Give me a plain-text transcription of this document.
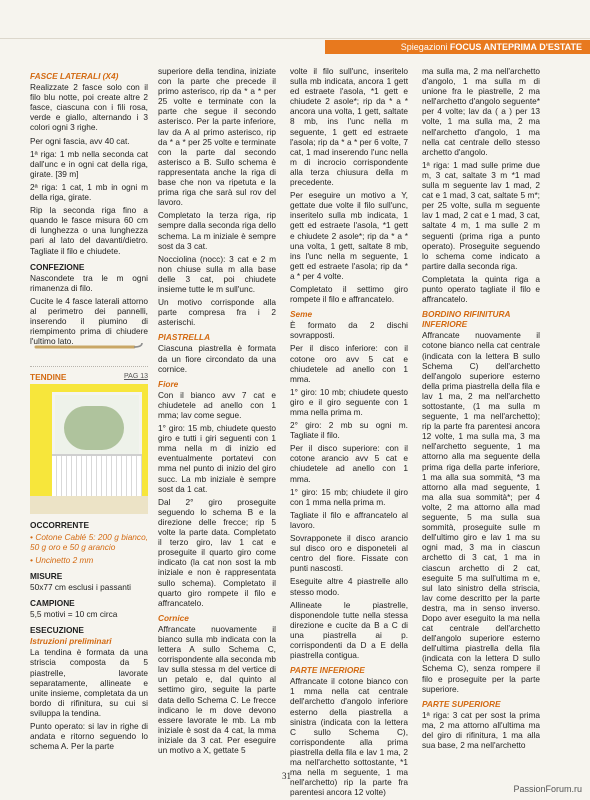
Spiegazioni FOCUS ANTEPRIMA D'ESTATE
FASCE LATERALI (X4)

Realizzate 2 fasce solo con il filo blu notte, poi create altre 2 fasce, ciascuna con i fili rosa, verde e giallo, alternando i 3 colori ogni 3 righe.

Per ogni fascia, avv 40 cat.

1ª riga: 1 mb nella seconda cat dall'unc e in ogni cat della riga, girate. [39 m]

2ª riga: 1 cat, 1 mb in ogni m della riga, girate.

Rip la seconda riga fino a quando le fasce misura 60 cm di lunghezza o una lunghezza pari al lato del davanti/dietro. Tagliate il filo e chiudete.

CONFEZIONE

Nascondete tra le m ogni rimanenza di filo.

Cucite le 4 fasce laterali attorno al perimetro dei pannelli, inserendo il piumino di riempimento prima di chiudere l'ultimo lato.

TENDINE	PAG 13
OCCORRENTE

• Cotone Cablé 5: 200 g bianco, 50 g oro e 50 g arancio

• Uncinetto 2 mm

MISURE

50x77 cm esclusi i passanti

CAMPIONE

5,5 motivi = 10 cm circa

ESECUZIONE
Istruzioni preliminari

La tendina è formata da una striscia composta da 5 piastrelle, lavorate separatamente, allineate e unite insieme, completata da un bordo di rifinitura, su cui si sviluppa la tendina.

Punto operato: si lav in righe di andata e ritorno seguendo lo schema A. Per la parte

superiore della tendina, iniziate con la parte che precede il primo asterisco, rip da * a * per 25 volte e terminate con la parte che segue il secondo asterisco. Per la parte inferiore, lav da A al primo asterisco, rip da * a * per 25 volte e terminate con la parte dal secondo asterisco a B. Sullo schema è rappresentata anche la riga di base che non va ripetuta e la prima riga che sarà sul rov del lavoro.

Completato la terza riga, rip sempre dalla seconda riga dello schema. La m iniziale è sempre sost da 3 cat.

Nocciolina (nocc): 3 cat e 2 m non chiuse sulla m alla base delle 3 cat, poi chiudete insieme tutte le m sull'unc.

Un motivo corrisponde alla parte compresa fra i 2 asterischi.

PIASTRELLA

Ciascuna piastrella è formata da un fiore circondato da una cornice.

Fiore

Con il bianco avv 7 cat e chiudetele ad anello con 1 mma; lav come segue.

1° giro: 15 mb, chiudete questo giro e tutti i giri seguenti con 1 mma nella m di inizio ed eventualmente portatevi con mma nel punto di inizio del giro succ. La mb iniziale è sempre sost da 1 cat.

Dal 2° giro proseguite seguendo lo schema B e la direzione delle frecce; rip 5 volte la parte data. Completato il terzo giro, lav 1 cat e proseguite il quarto giro come indicato (la cat non sost la mb iniziale e non è rappresentata sullo schema). Completato il quarto giro rompete il filo e affrancatelo.

Cornice

Affrancate nuovamente il bianco sulla mb indicata con la lettera A sullo Schema C, corrispondente alla seconda mb lav sulla stessa m del vertice di un petalo e, dal quinto al settimo giro, seguite la parte data dello Schema C. Le frecce indicano le m dove devono essere lavorate le mb. La mb iniziale è sost da 4 cat, la mma iniziale da 3 cat. Per eseguire un motivo a X, gettate 5

volte il filo sull'unc, inseritelo sulla mb indicata, ancora 1 gett ed estraete l'asola, *1 gett e chiudete 2 asole*; rip da * a * ancora una volta, 1 gett, saltate 8 mb, ins l'unc nella m seguente, 1 gett ed estraete l'asola; rip da * a * per 6 volte, 7 cat, 1 mad inserendo l'unc nella m di incrocio corrispondente alla terza chiusura della m precedente.

Per eseguire un motivo a Y, gettate due volte il filo sull'unc, inseritelo sulla mb indicata, 1 gett ed estraete l'asola, *1 gett e chiudete 2 asole*; rip da * a * una volta, 1 gett, saltate 8 mb, ins l'unc nella m seguente, 1 gett ed estraete l'asola; rip da * a * per 4 volte.

Completato il settimo giro rompete il filo e affrancatelo.

Seme

È formato da 2 dischi sovrapposti.

Per il disco inferiore: con il cotone oro avv 5 cat e chiudetele ad anello con 1 mma.

1° giro: 10 mb; chiudete questo giro e il giro seguente con 1 mma nella prima m.

2° giro: 2 mb su ogni m. Tagliate il filo.

Per il disco superiore: con il cotone arancio avv 5 cat e chiudetele ad anello con 1 mma.

1° giro: 15 mb; chiudete il giro con 1 mma nella prima m.

Tagliate il filo e affrancatelo al lavoro.

Sovrapponete il disco arancio sul disco oro e disponeteli al centro del fiore. Fissate con punti nascosti.

Eseguite altre 4 piastrelle allo stesso modo.

Allineate le piastrelle, disponendole tutte nella stessa direzione e cucite da B a C di una piastrella ai p. corrispondenti da D a E della piastrella contigua.

PARTE INFERIORE

Affrancate il cotone bianco con 1 mma nella cat centrale dell'archetto d'angolo inferiore esterno della piastrella a sinistra (indicata con la lettera C sullo Schema C), corrispondente alla prima piastrella della fila e lav 1 ma, 2 ma nell'archetto sottostante, *1 ma nella m seguente, 1 ma nell'archetto) rip la parte fra parentesi ancora 12 volte)

ma sulla ma, 2 ma nell'archetto d'angolo, 1 ma sulla m di unione fra le piastrelle, 2 ma nell'archetto d'angolo seguente* per 4 volte; lav da ( a ) per 13 volte, 1 ma sulla ma, 2 ma nell'archetto d'angolo, 1 ma nella cat centrale dello stesso archetto d'angolo.

1ª riga: 1 mad sulle prime due m, 3 cat, saltate 3 m *1 mad sulla m seguente lav 1 mad, 2 cat e 1 mad, 3 cat, saltate 5 m*; per 25 volte, sulla m seguente lav 1 mad, 2 cat e 1 mad, 3 cat, saltate 4 m, 1 ma sulle 2 m seguenti (prima riga a punto operato). Proseguite seguendo lo schema come indicato a partire dalla seconda riga.

Completata la quinta riga a punto operato tagliate il filo e affrancatelo.

BORDINO RIFINITURA INFERIORE

Affrancate nuovamente il cotone bianco nella cat centrale (indicata con la lettera B sullo Schema C) dell'archetto dell'angolo superiore esterno della prima piastrella della fila e lav 1 ma, 2 ma nell'archetto sottostante, (1 ma sulla m seguente, 1 ma nell'archetto); rip la parte fra parentesi ancora 12 volte, 1 ma sulla ma, 3 ma nell'archetto seguente, 1 ma attorno alla ma seguente della prima riga della parte inferiore, 1 ma alla sua sommità, *3 ma attorno alla mad seguente, 1 ma alla sua sommità*; per 4 volte, 2 ma attorno alla mad seguente, 5 ma sulla sua sommità, proseguite sulle m dell'ultimo giro e lav 1 ma su ogni mad, 3 ma in ciascun archetto di 3 cat, 1 ma in ciascun archetto di 2 cat, eseguite 5 ma sull'ultima m e, sul lato sinistro della striscia, lav come descritto per la parte destra, ma in senso inverso. Dopo aver eseguito la ma nella cat centrale dell'archetto dell'angolo superiore esterno dell'ultima piastrella della fila (indicata con la lettera D sullo Schema C), senza rompere il filo e proseguite per la parte superiore.

PARTE SUPERIORE

1ª riga: 3 cat per sost la prima ma, 2 ma attorno all'ultima ma del giro di rifinitura, 1 ma alla sua base, 2 ma nell'archetto

31
PassionForum.ru
